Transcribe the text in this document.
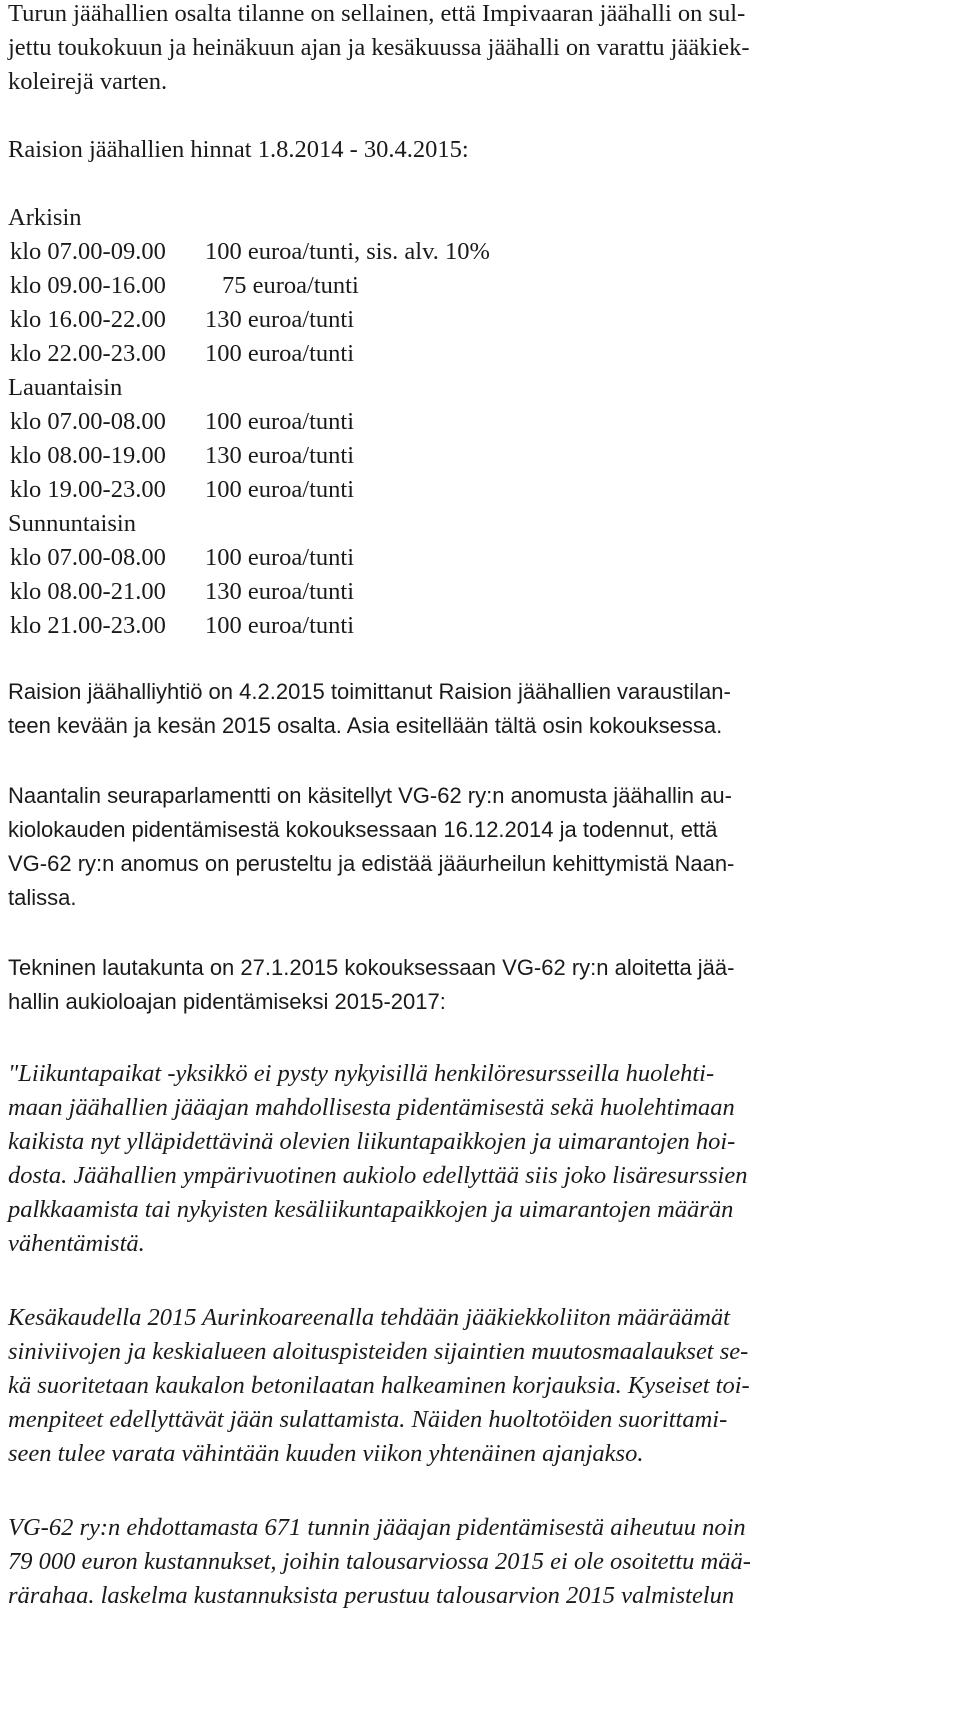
Turun jäähallien osalta tilanne on sellainen, että Impivaaran jäähalli on sul-

jettu toukokuun ja heinäkuun ajan ja kesäkuussa jäähalli on varattu jääkiek-

koleirejä varten.

Raision jäähallien hinnat 1.8.2014 - 30.4.2015:

Arkisin

klo 07.00-09.00	100 euroa/tunti, sis. alv. 10%
klo 09.00-16.00	75 euroa/tunti
klo 16.00-22.00	130 euroa/tunti
klo 22.00-23.00	100 euroa/tunti

Lauantaisin

klo 07.00-08.00	100 euroa/tunti
klo 08.00-19.00	130 euroa/tunti
klo 19.00-23.00	100 euroa/tunti

Sunnuntaisin

klo 07.00-08.00	100 euroa/tunti
klo 08.00-21.00	130 euroa/tunti
klo 21.00-23.00	100 euroa/tunti

Raision jäähalliyhtiö on 4.2.2015 toimittanut Raision jäähallien varaustilan-

teen kevään ja kesän 2015 osalta. Asia esitellään tältä osin kokouksessa.

Naantalin seuraparlamentti on käsitellyt VG-62 ry:n anomusta jäähallin au-

kiolokauden pidentämisestä kokouksessaan 16.12.2014 ja todennut, että

VG-62 ry:n anomus on perusteltu ja edistää jääurheilun kehittymistä Naan-

talissa.

Tekninen lautakunta on 27.1.2015 kokouksessaan VG-62 ry:n aloitetta jää-

hallin aukioloajan pidentämiseksi 2015-2017:

"Liikuntapaikat -yksikkö ei pysty nykyisillä henkilöresursseilla huolehti-

maan jäähallien jääajan mahdollisesta pidentämisestä sekä huolehtimaan

kaikista nyt ylläpidettävinä olevien liikuntapaikkojen ja uimarantojen hoi-

dosta. Jäähallien ympärivuotinen aukiolo edellyttää siis joko lisäresurssien

palkkaamista tai nykyisten kesäliikuntapaikkojen ja uimarantojen määrän

vähentämistä.

Kesäkaudella 2015 Aurinkoareenalla tehdään jääkiekkoliiton määräämät

siniviivojen ja keskialueen aloituspisteiden sijaintien muutosmaalaukset se-

kä suoritetaan kaukalon betonilaatan halkeaminen korjauksia. Kyseiset toi-

menpiteet edellyttävät jään sulattamista. Näiden huoltotöiden suorittami-

seen tulee varata vähintään kuuden viikon yhtenäinen ajanjakso.

VG-62 ry:n ehdottamasta 671 tunnin jääajan pidentämisestä aiheutuu noin

79 000 euron kustannukset, joihin talousarviossa 2015 ei ole osoitettu mää-

rärahaa. laskelma kustannuksista perustuu talousarvion 2015 valmistelun
